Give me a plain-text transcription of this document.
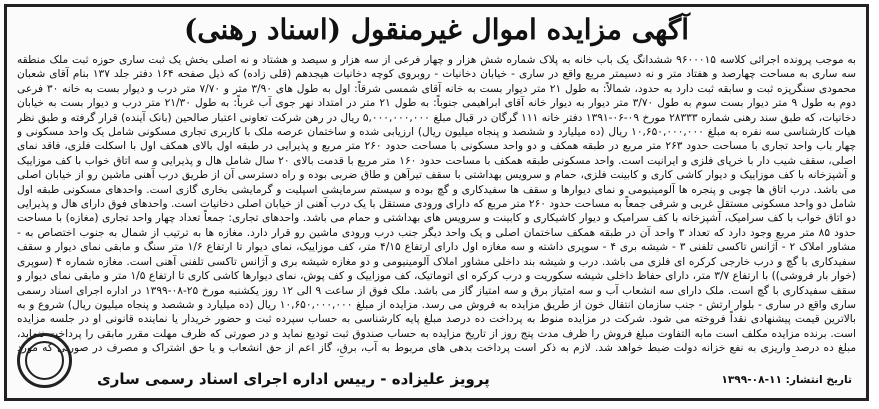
آگهی مزایده اموال غیرمنقول (اسناد رهنی)

به موجب پرونده اجرائی کلاسه ۹۶۰۰۰۱۵ ششدانگ یک باب خانه به پلاک شماره شش هزار و چهار فرعی از سه هزار و سیصد و هشتاد و نه اصلی بخش یک ثبت ساری حوزه ثبت ملک منطقه سه ساری به مساحت چهارصد و هفتاد متر و نه دسیمتر مربع واقع در ساری - خیابان دخانیات - روبروی کوچه دخانیات هیجدهم (قلی زاده) که ذیل صفحه ۱۶۴ دفتر جلد ۱۳۷ بنام آقای شعبان محمودی سنگرپزه ثبت و سابقه ثبت دارد به حدود، شمالاً: به طول ۲۱ متر دیوار بست به خانه آقای شمسی شرقاً: اول به طول های ۳/۹۰ متر و ۷/۷۰ متر درب و دیوار بست به خانه ۳۰ فرعی دوم به طول ۹ متر دیوار بست سوم به طول ۳/۷۰ متر دیوار به دیوار خانه آقای ابراهیمی جنوباً: به طول ۲۱ متر در امتداد نهر جوی آب غرباً: به طول ۲۱/۳۰ متر درب و دیوار بست به خیابان دخانیات، که طبق سند رهنی شماره ۲۸۳۳۳ مورخ ۰۹-۰۶-۱۳۹۱ دفتر خانه ۱۱۱ گرگان در قبال مبلغ ۵,۰۰۰,۰۰۰,۰۰۰ ریال در رهن شرکت تعاونی اعتبار صالحین (بانک آینده) قرار گرفته و طبق نظر هیات کارشناسی سه نفره به مبلغ ۱۰,۶۵۰,۰۰۰,۰۰۰ ریال (ده میلیارد و ششصد و پنجاه میلیون ریال) ارزیابی شده و ساختمان عرصه ملک با کاربری تجاری مسکونی شامل یک واحد مسکونی و چهار باب واحد تجاری با مساحت حدود ۲۶۳ متر مربع در طبقه همکف و دو واحد مسکونی با مساحت حدود ۲۶۰ متر مربع و پذیرایی در طبقه اول بالای همکف اول با اسکلت فلزی، فاقد نمای اصلی، سقف شیب دار با خرپای فلزی و ایرانیت است. واحد مسکونی طبقه همکف با مساحت حدود ۱۶۰ متر مربع با قدمت بالای ۲۰ سال شامل هال و پذیرایی و سه اتاق خواب با کف موزاییک و آشپزخانه با کف موزاییک و دیوار کاشی کاری و کابینت فلزی، حمام و سرویس بهداشتی با سقف تیرآهن و طاق ضربی بوده و راه دسترسی آن از طریق درب آهنی ماشین رو از خیابان اصلی می باشد. درب اتاق ها چوبی و پنجره ها آلومینیومی و نمای دیوارها و سقف ها سفیدکاری و گچ بوده و سیستم سرمایشی اسپلیت و گرمایشی بخاری گازی است. واحدهای مسکونی طبقه اول شامل دو واحد مسکونی مستقل غربی و شرقی جمعاً به مساحت حدود ۲۶۰ متر مربع که دارای ورودی مستقل با یک درب آهنی از خیابان اصلی دخانیات است. واحدهای فوق دارای هال و پذیرایی دو اتاق خواب با کف سرامیک، آشپزخانه با کف سرامیک و دیوار کاشیکاری و کابینت و سرویس های بهداشتی و حمام می باشد. واحدهای تجاری: جمعاً تعداد چهار واحد تجاری (مغازه) با مساحت حدود ۸۵ متر مربع وجود دارد که تعداد ۳ واحد آن در طبقه همکف ساختمان اصلی و یک واحد دیگر جنب درب ورودی ماشین رو قرار دارد. مغازه ها به ترتیب از شمال به جنوب اختصاص به - مشاور املاک ۲ - آژانس تاکسی تلفنی ۳ - شیشه بری ۴ - سوپری داشته و سه مغازه اول دارای ارتفاع ۴/۱۵ متر، کف موزاییک، نمای دیوار تا ارتفاع ۱/۶ متر سنگ و مابقی نمای دیوار و سقف سفیدکاری با گچ و درب خارجی کرکره ای فلزی می باشد. درب و شیشه بند داخلی مشاور املاک آلومینیومی و دو مغازه شیشه بری و آژانس تاکسی تلفنی آهنی است. مغازه شماره ۴ (سوپری (خوار بار فروشی)) با ارتفاع ۳/۷ متر، دارای حفاظ داخلی شیشه سکوریت و درب کرکره ای اتوماتیک، کف موزاییک و کف پوش، نمای دیوارها کاشی کاری تا ارتفاع ۱/۵ متر و مابقی نمای دیوار و سقف سفیدکاری با گچ است. ملک دارای سه انشعاب آب و سه امتیاز برق و سه امتیاز گاز می باشد. ملک فوق از ساعت ۹ الی ۱۲ روز یکشنبه مورخ ۲۵-۰۸-۱۳۹۹ در اداره اجرای اسناد رسمی ساری واقع در ساری - بلوار ارتش - جنب سازمان انتقال خون از طریق مزایده به فروش می رسد. مزایده از مبلغ ۱۰,۶۵۰,۰۰۰,۰۰۰ ریال (ده میلیارد و ششصد و پنجاه میلیون ریال) شروع و به بالاترین قیمت پیشنهادی نقداً فروخته می شود. شرکت در مزایده منوط به پرداخت ده درصد مبلغ پایه کارشناسی به حساب سپرده ثبت و حضور خریدار یا نماینده قانونی او در جلسه مزایده است. برنده مزایده مکلف است مابه التفاوت مبلغ فروش را ظرف مدت پنج روز از تاریخ مزایده به حساب صندوق ثبت تودیع نماید و در صورتی که ظرف مهلت مقرر مابقی را پرداخت ننماید، مبلغ ده درصد واریزی به نفع خزانه دولت ضبط خواهد شد. لازم به ذکر است پرداخت بدهی های مربوط به آب، برق، گاز اعم از حق انشعاب و یا حق اشتراک و مصرف در صورتی که مورد

تاریخ انتشار: ۱۱-۰۸-۱۳۹۹
پرویز علیزاده - رییس اداره اجرای اسناد رسمی ساری
